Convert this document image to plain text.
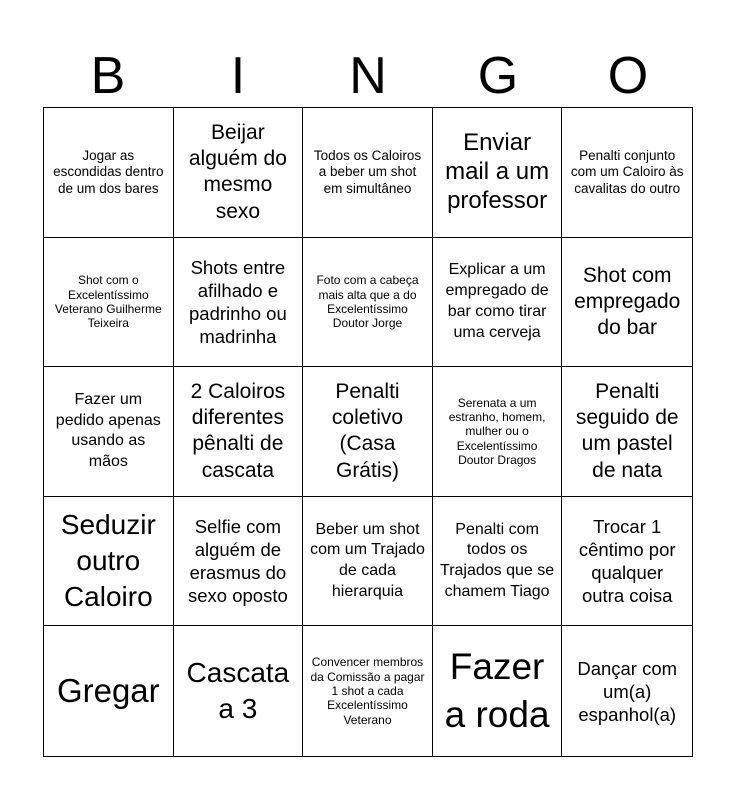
B	I	N	G	O
Jogar as escondidas dentro de um dos bares
Beijar alguém do mesmo sexo
Todos os Caloiros a beber um shot em simultâneo
Enviar mail a um professor
Penalti conjunto com um Caloiro às cavalitas do outro
Shot com o Excelentíssimo Veterano Guilherme Teixeira
Shots entre afilhado e padrinho ou madrinha
Foto com a cabeça mais alta que a do Excelentíssimo Doutor Jorge
Explicar a um empregado de bar como tirar uma cerveja
Shot com empregado do bar
Fazer um pedido apenas usando as mãos
2 Caloiros diferentes pênalti de cascata
Penalti coletivo (Casa Grátis)
Serenata a um estranho, homem, mulher ou o Excelentíssimo Doutor Dragos
Penalti seguido de um pastel de nata
Seduzir outro Caloiro
Selfie com alguém de erasmus do sexo oposto
Beber um shot com um Trajado de cada hierarquia
Penalti com todos os Trajados que se chamem Tiago
Trocar 1 cêntimo por qualquer outra coisa
Gregar
Cascata a 3
Convencer membros da Comissão a pagar 1 shot a cada Excelentíssimo Veterano
Fazer a roda
Dançar com um(a) espanhol(a)
